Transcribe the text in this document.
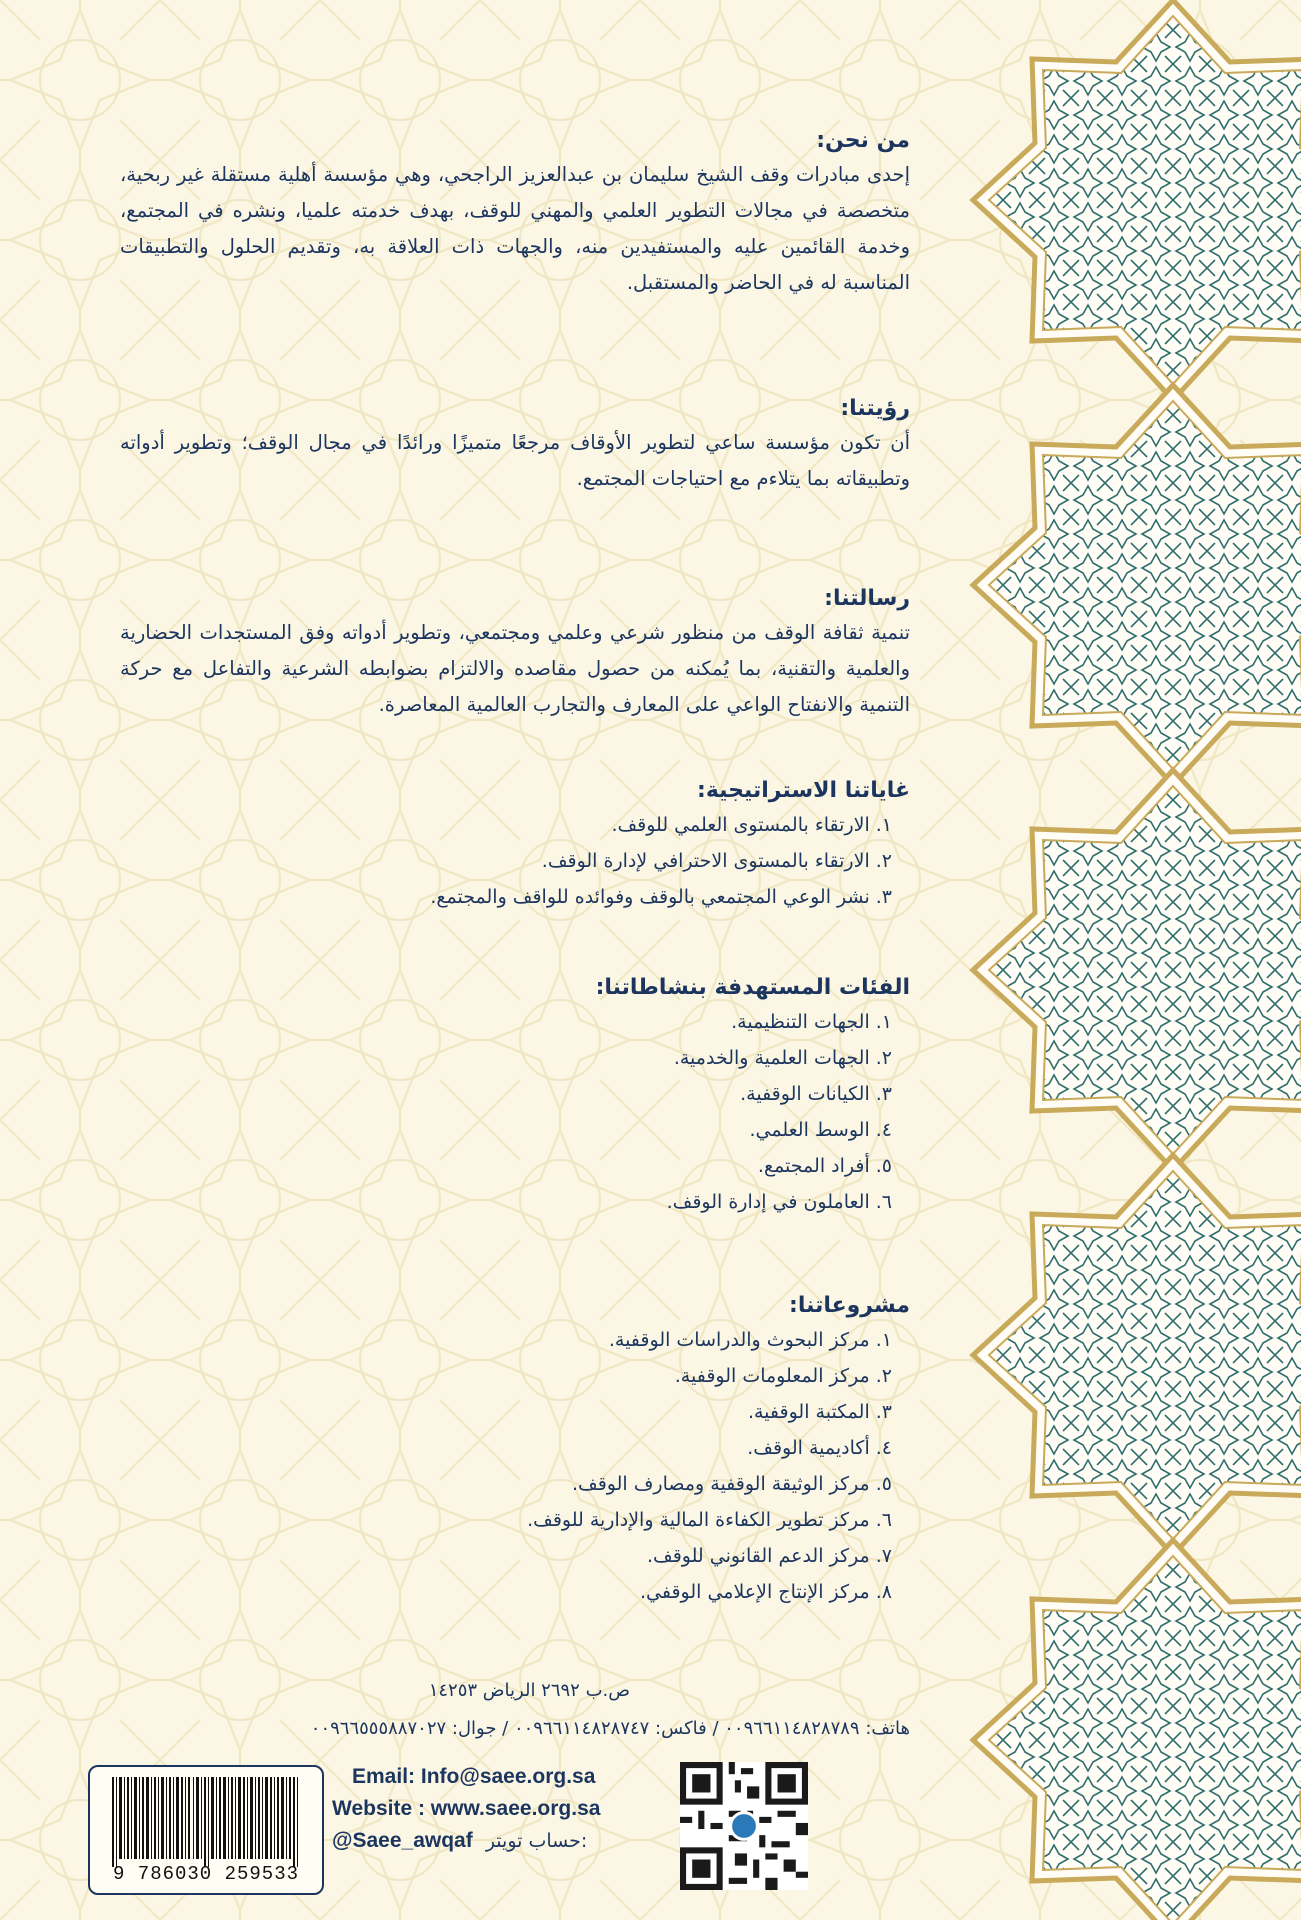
من نحن:

إحدى مبادرات وقف الشيخ سليمان بن عبدالعزيز الراجحي، وهي مؤسسة أهلية مستقلة غير ربحية، متخصصة في مجالات التطوير العلمي والمهني للوقف، بهدف خدمته علميا، ونشره في المجتمع، وخدمة القائمين عليه والمستفيدين منه، والجهات ذات العلاقة به، وتقديم الحلول والتطبيقات المناسبة له في الحاضر والمستقبل.

رؤيتنا:

أن تكون مؤسسة ساعي لتطوير الأوقاف مرجعًا متميزًا ورائدًا في مجال الوقف؛ وتطوير أدواته وتطبيقاته بما يتلاءم مع احتياجات المجتمع.

رسالتنا:

تنمية ثقافة الوقف من منظور شرعي وعلمي ومجتمعي، وتطوير أدواته وفق المستجدات الحضارية والعلمية والتقنية، بما يُمكنه من حصول مقاصده والالتزام بضوابطه الشرعية والتفاعل مع حركة التنمية والانفتاح الواعي على المعارف والتجارب العالمية المعاصرة.

غاياتنا الاستراتيجية:
١.الارتقاء بالمستوى العلمي للوقف.
٢.الارتقاء بالمستوى الاحترافي لإدارة الوقف.
٣.نشر الوعي المجتمعي بالوقف وفوائده للواقف والمجتمع.
الفئات المستهدفة بنشاطاتنا:
١.الجهات التنظيمية.
٢.الجهات العلمية والخدمية.
٣.الكيانات الوقفية.
٤.الوسط العلمي.
٥.أفراد المجتمع.
٦.العاملون في إدارة الوقف.
مشروعاتنا:
١.مركز البحوث والدراسات الوقفية.
٢.مركز المعلومات الوقفية.
٣.المكتبة الوقفية.
٤.أكاديمية الوقف.
٥.مركز الوثيقة الوقفية ومصارف الوقف.
٦.مركز تطوير الكفاءة المالية والإدارية للوقف.
٧.مركز الدعم القانوني للوقف.
٨.مركز الإنتاج الإعلامي الوقفي.
ص.ب ٢٦٩٢ الرياض ١٤٢٥٣
هاتف: ٠٠٩٦٦١١٤٨٢٨٧٨٩ / فاكس: ٠٠٩٦٦١١٤٨٢٨٧٤٧ / جوال: ٠٠٩٦٦٥٥٥٨٨٧٠٢٧
Email: Info@saee.org.sa
Website : www.saee.org.sa
@Saee_awqaf حساب تويتر:
9 786030 259533
